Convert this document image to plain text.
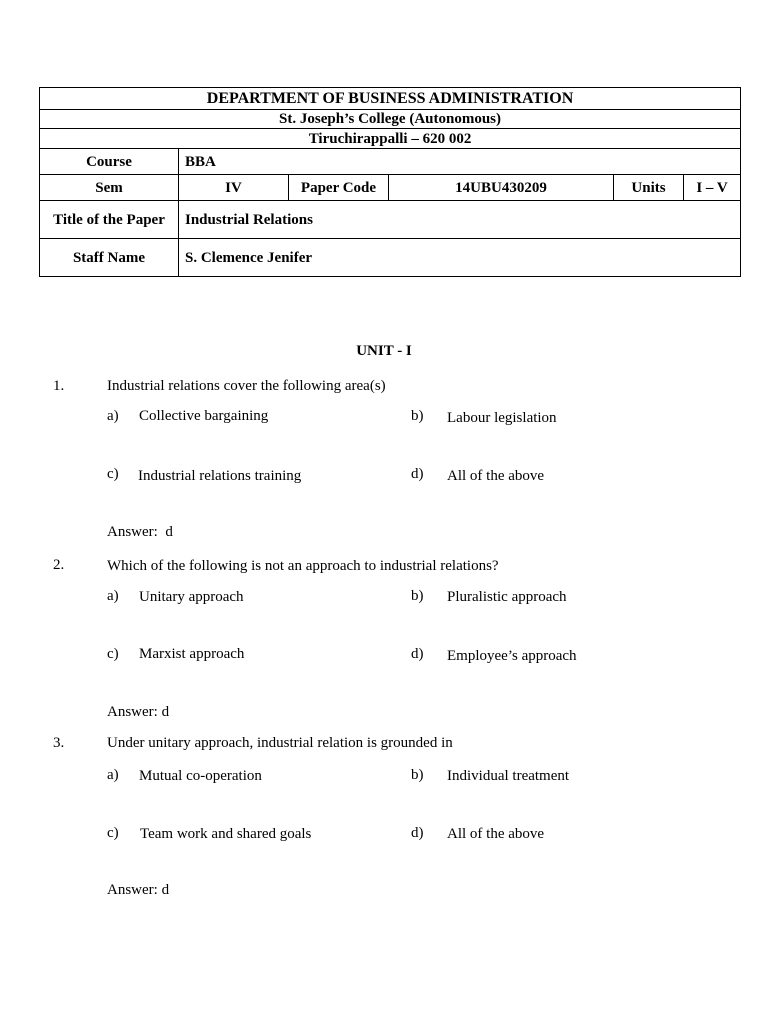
DEPARTMENT OF BUSINESS ADMINISTRATION					
St. Joseph’s College (Autonomous)					
Tiruchirappalli – 620 002					
Course	BBA				
Sem	IV	Paper Code	14UBU430209	Units	I – V
Title of the Paper	Industrial Relations				
Staff Name	S. Clemence Jenifer				
UNIT - I
1.	Industrial relations cover the following area(s)
a) Collective bargaining	b) Labour legislation
c) Industrial relations training	d) All of the above
Answer:  d
2.	Which of the following is not an approach to industrial relations?
a) Unitary approach	b) Pluralistic approach
c) Marxist approach	d) Employee’s approach
Answer: d
3.	Under unitary approach, industrial relation is grounded in
a) Mutual co-operation	b) Individual treatment
c) Team work and shared goals	d) All of the above
Answer: d
